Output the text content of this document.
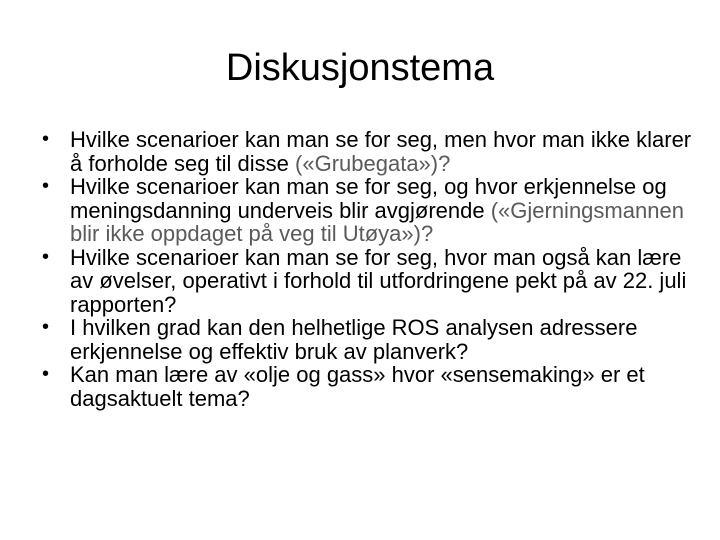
Diskusjonstema
• Hvilke scenarioer kan man se for seg, men hvor man ikke klarer å forholde seg til disse («Grubegata»)?
• Hvilke scenarioer kan man se for seg, og hvor erkjennelse og meningsdanning underveis blir avgjørende («Gjerningsmannen blir ikke oppdaget på veg til Utøya»)?
• Hvilke scenarioer kan man se for seg, hvor man også kan lære av øvelser, operativt i forhold til utfordringene pekt på av 22. juli rapporten?
• I hvilken grad kan den helhetlige ROS analysen adressere erkjennelse og effektiv bruk av planverk?
• Kan man lære av «olje og gass» hvor «sensemaking» er et dagsaktuelt tema?
